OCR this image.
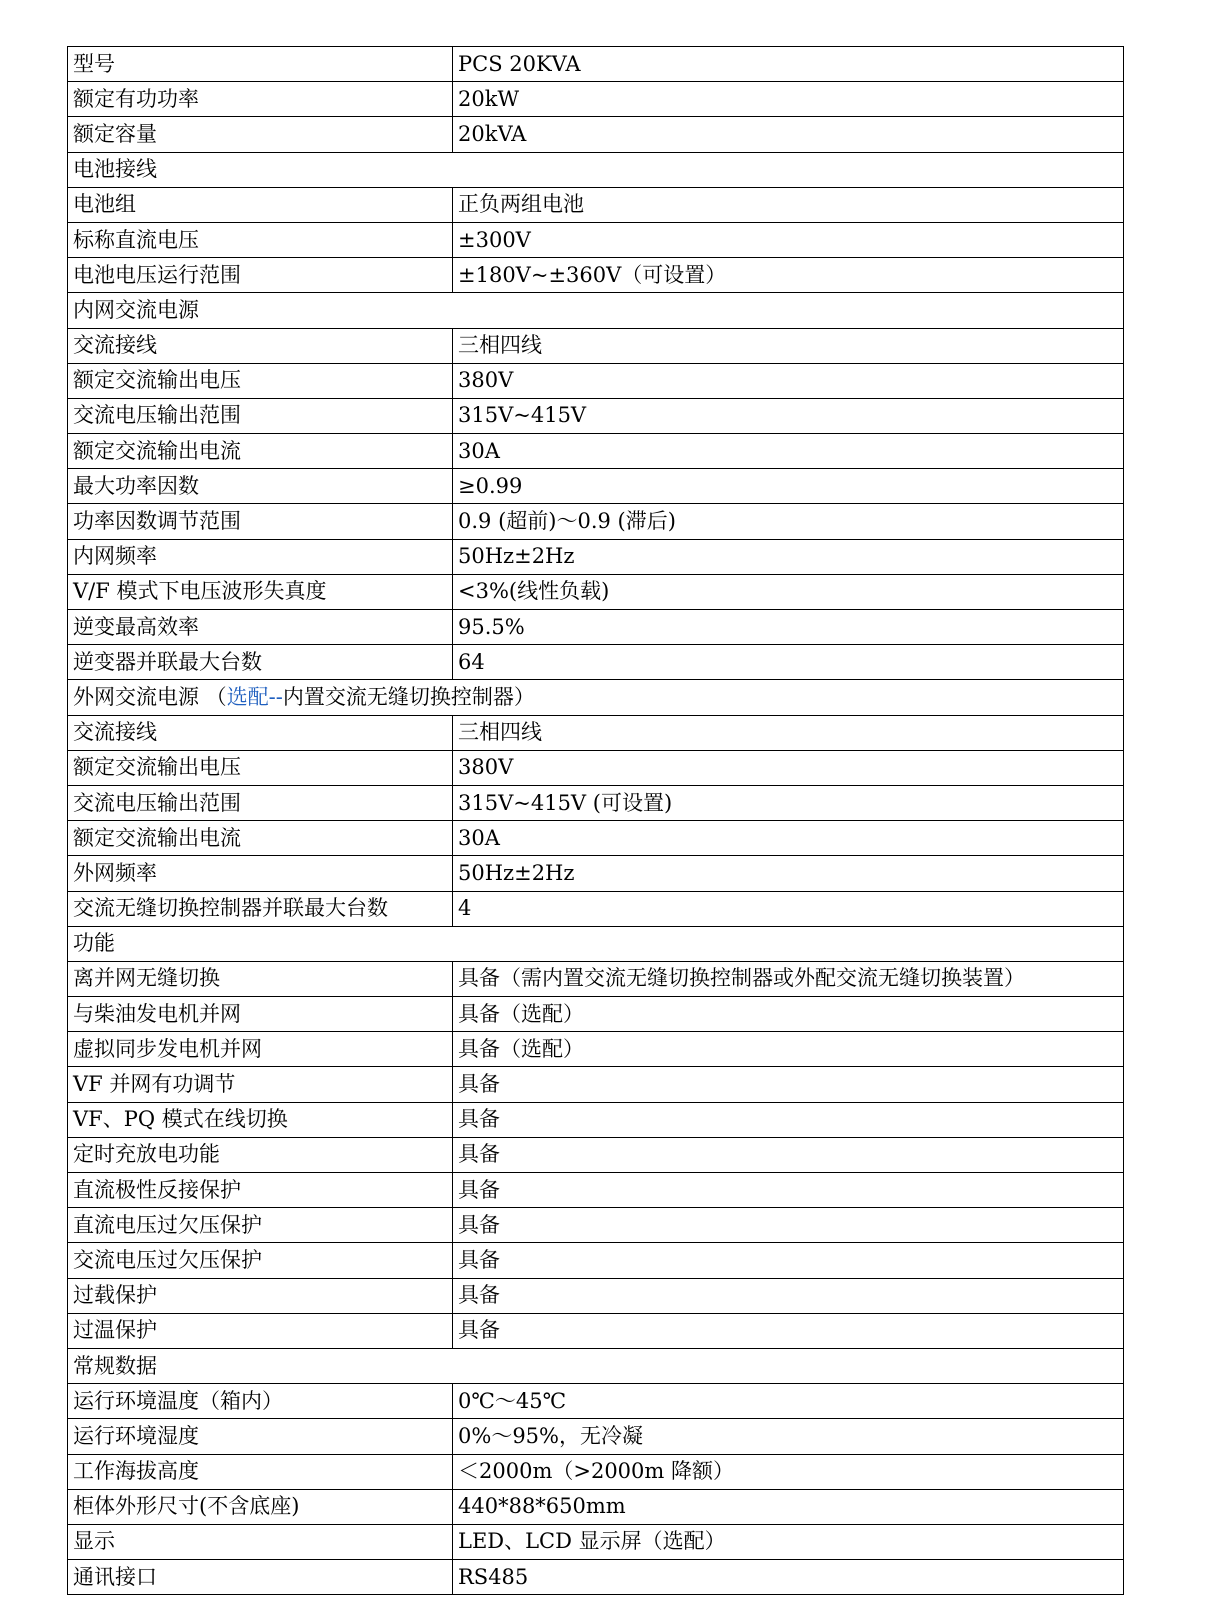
型号	PCS 20KVA
额定有功功率	20kW
额定容量	20kVA
电池接线	
电池组	正负两组电池
标称直流电压	±300V
电池电压运行范围	±180V~±360V（可设置）
内网交流电源	
交流接线	三相四线
额定交流输出电压	380V
交流电压输出范围	315V~415V
额定交流输出电流	30A
最大功率因数	≥0.99
功率因数调节范围	0.9 (超前)～0.9 (滞后)
内网频率	50Hz±2Hz
V/F 模式下电压波形失真度	<3%(线性负载)
逆变最高效率	95.5%
逆变器并联最大台数	64
外网交流电源 （选配--内置交流无缝切换控制器）	
交流接线	三相四线
额定交流输出电压	380V
交流电压输出范围	315V~415V (可设置)
额定交流输出电流	30A
外网频率	50Hz±2Hz
交流无缝切换控制器并联最大台数	4
功能	
离并网无缝切换	具备（需内置交流无缝切换控制器或外配交流无缝切换装置）
与柴油发电机并网	具备（选配）
虚拟同步发电机并网	具备（选配）
VF 并网有功调节	具备
VF、PQ 模式在线切换	具备
定时充放电功能	具备
直流极性反接保护	具备
直流电压过欠压保护	具备
交流电压过欠压保护	具备
过载保护	具备
过温保护	具备
常规数据	
运行环境温度（箱内）	0℃～45℃
运行环境湿度	0%～95%，无冷凝
工作海拔高度	＜2000m（>2000m 降额）
柜体外形尺寸(不含底座)	440*88*650mm
显示	LED、LCD 显示屏（选配）
通讯接口	RS485
